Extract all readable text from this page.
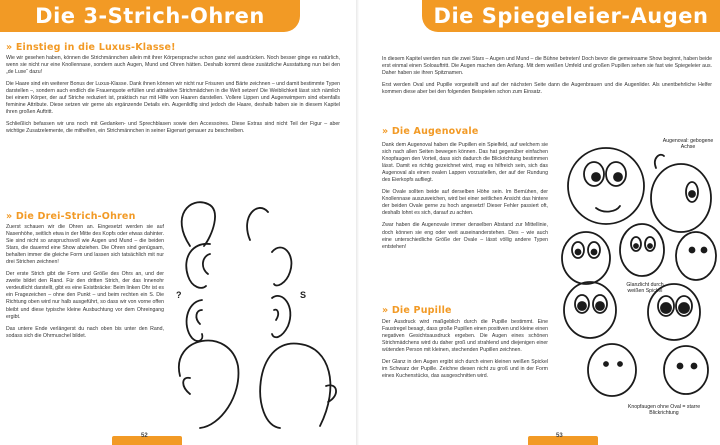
Die 3-Strich-Ohren
» Einstieg in die Luxus-Klasse!

Wie wir gesehen haben, können die Strichmännchen allein mit ihrer Körpersprache schon ganz viel ausdrücken. Noch besser ginge es natürlich, wenn sie nicht nur eine Knollennase, sondern auch Augen, Mund und Ohren hätten. Deshalb kommt diese zusätzliche Ausstattung nun bei den „de Luxe“ dazu!

Die Haare sind ein weiterer Bonus der Luxus-Klasse. Dank ihnen können wir nicht nur Frisuren und Bärte zeichnen – und damit bestimmte Typen darstellen –, sondern auch endlich die Frauenquote erfüllen und attraktive Strichmädchen in die Welt setzen! Die Weiblichkeit lässt sich nämlich bei einem Körper, der auf Striche reduziert ist, praktisch nur mit Hilfe von Haaren darstellen. Vollere Lippen und Augenwimpern sind ebenfalls feminine Attribute. Diese setzen wir gerne als ergänzende Details ein. Augenlidfig sind jedoch die Haare, deshalb haben sie in diesem Kapitel ihren großen Auftritt.

Schließlich befassen wir uns noch mit Gedanken- und Sprechblasen sowie den Accessoires. Diese Extras sind nicht Teil der Figur – aber wichtige Zusatzelemente, die mithelfen, ein Strichmännchen in seiner Eigenart genauer zu beschreiben.

» Die Drei-Strich-Ohren

Zuerst schauen wir die Ohren an. Eingesetzt werden sie auf Nasenhöhe, seitlich etwa in der Mitte des Kopfs oder etwas dahinter. Sie sind nicht so anspruchsvoll wie Augen und Mund – die beiden Stars, die dauernd eine Show abziehen. Die Ohren sind genügsam, behalten immer die gleiche Form und lassen sich tatsächlich mit nur drei Strichen zeichnen!

Der erste Strich gibt die Form und Größe des Ohrs an, und der zweite bildet den Rand. Für den dritten Strich, der das Innenohr verdeutlicht darstellt, gibt es eine Existbräcke: Beim linken Ohr ist es ein Fragezeichen – ohne den Punkt – und beim rechten ein S. Die Richtung oben wird nur halb ausgeführt, so dass wir von vorne offen bleibt und diese typische kleine Ausbuchtung vor dem Ohreingang ergibt.

Das untere Ende verlängerst du nach oben bis unter den Rand, sodass sich die Ohrmuschel bildet.

?	S
52
Die Spiegeleier-Augen

In diesem Kapitel werden nun die zwei Stars – Augen und Mund – die Bühne betreten! Doch bevor die gemeinsame Show beginnt, haben beide erst einmal einen Soloauftritt. Die Augen machen den Anfang. Mit dem weißen Umfeld und großen Pupillen sehen sie fast wie Spiegeleier aus. Daher haben sie ihren Spitznamen.

Erst werden Oval und Pupille vorgestellt und auf der nächsten Seite dann die Augenbrauen und die Augenlider. Als unentbehrliche Helfer kommen diese aber bei den folgenden Beispielen schon zum Einsatz.

» Die Augenovale

Dank dem Augenoval haben die Pupillen ein Spielfeld, auf welchem sie sich nach allen Seiten bewegen können. Das hat gegenüber einfachen Knopfaugen den Vorteil, dass sich dadurch die Blickrichtung bestimmen lässt. Damit es richtig gezeichnet wird, mag es hilfreich sein, sich das Augenoval als einen ovalen Lappen vorzustellen, der auf der Rundung des Eierkopfs aufliegt.

Die Ovale sollten beide auf derselben Höhe sein. Im Bemühen, der Knollennase auszuweichen, wird bei einer seitlichen Ansicht das hintere der beiden Ovale gerne zu hoch angesetzt! Dieser Fehler passiert oft, deshalb lohnt es sich, darauf zu achten.

Zwar haben die Augenovale immer denselben Abstand zur Mittellinie, doch können sie eng oder weit auseinanderstehen. Dies – wie auch eine unterschiedliche Größe der Ovale – lässt völlig andere Typen entstehen!

» Die Pupille

Der Ausdruck wird maßgeblich durch die Pupille bestimmt. Eine Faustregel besagt, dass große Pupillen einen positiven und kleine einen negativen Gesichtsausdruck ergeben. Die Augen eines schönen Strichmädchens wird du daher groß und strahlend und diejenigen einer wütenden Person mit kleinen, stechenden Pupillen zeichnen.

Der Glanz in den Augen ergibt sich durch einen kleinen weißen Spickel im Schwarz der Pupille. Zeichne diesen nicht zu groß und in der Form eines Kuchenstücks, das ausgeschnitten wird.

Augenoval: gebogene Achse
Glanzlicht durch weißen Spickel
Knopfaugen ohne Oval = starre Blickrichtung
53
